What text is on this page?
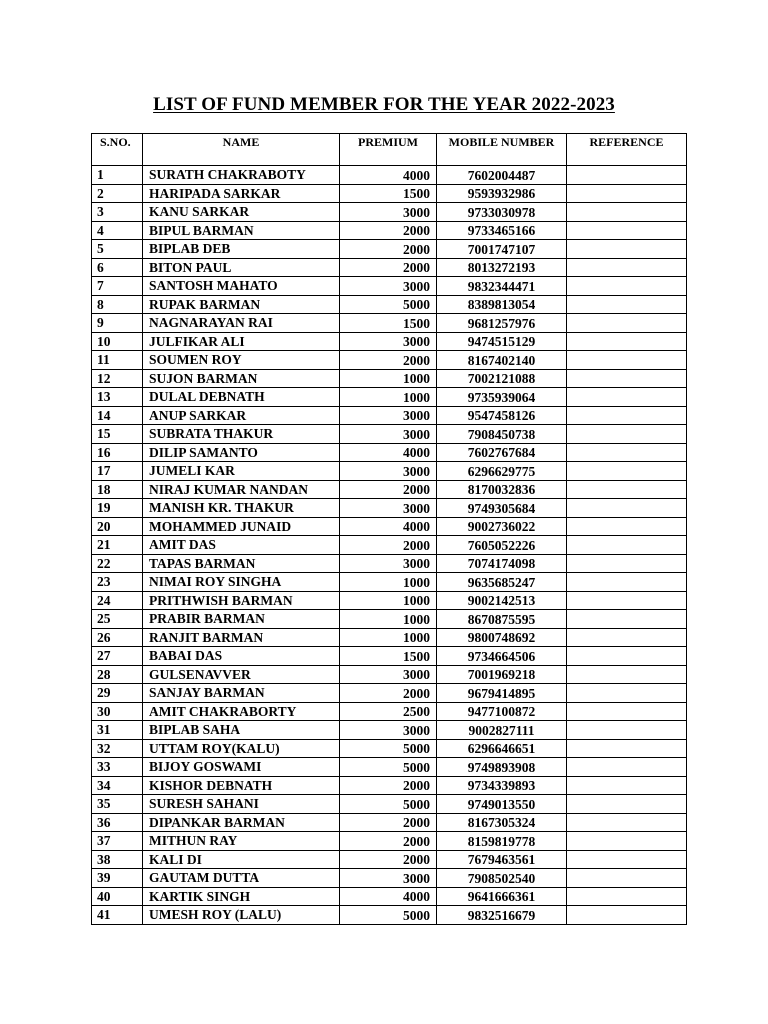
LIST OF FUND MEMBER FOR THE YEAR 2022-2023
S.NO.	NAME	PREMIUM	MOBILE NUMBER	REFERENCE
1	SURATH CHAKRABOTY	4000	7602004487	
2	HARIPADA SARKAR	1500	9593932986	
3	KANU SARKAR	3000	9733030978	
4	BIPUL BARMAN	2000	9733465166	
5	BIPLAB DEB	2000	7001747107	
6	BITON PAUL	2000	8013272193	
7	SANTOSH MAHATO	3000	9832344471	
8	RUPAK BARMAN	5000	8389813054	
9	NAGNARAYAN RAI	1500	9681257976	
10	JULFIKAR ALI	3000	9474515129	
11	SOUMEN ROY	2000	8167402140	
12	SUJON BARMAN	1000	7002121088	
13	DULAL DEBNATH	1000	9735939064	
14	ANUP SARKAR	3000	9547458126	
15	SUBRATA THAKUR	3000	7908450738	
16	DILIP SAMANTO	4000	7602767684	
17	JUMELI KAR	3000	6296629775	
18	NIRAJ KUMAR NANDAN	2000	8170032836	
19	MANISH KR. THAKUR	3000	9749305684	
20	MOHAMMED JUNAID	4000	9002736022	
21	AMIT DAS	2000	7605052226	
22	TAPAS BARMAN	3000	7074174098	
23	NIMAI ROY SINGHA	1000	9635685247	
24	PRITHWISH BARMAN	1000	9002142513	
25	PRABIR BARMAN	1000	8670875595	
26	RANJIT BARMAN	1000	9800748692	
27	BABAI DAS	1500	9734664506	
28	GULSENAVVER	3000	7001969218	
29	SANJAY BARMAN	2000	9679414895	
30	AMIT CHAKRABORTY	2500	9477100872	
31	BIPLAB SAHA	3000	9002827111	
32	UTTAM ROY(KALU)	5000	6296646651	
33	BIJOY GOSWAMI	5000	9749893908	
34	KISHOR DEBNATH	2000	9734339893	
35	SURESH SAHANI	5000	9749013550	
36	DIPANKAR BARMAN	2000	8167305324	
37	MITHUN RAY	2000	8159819778	
38	KALI DI	2000	7679463561	
39	GAUTAM DUTTA	3000	7908502540	
40	KARTIK SINGH	4000	9641666361	
41	UMESH ROY (LALU)	5000	9832516679	
